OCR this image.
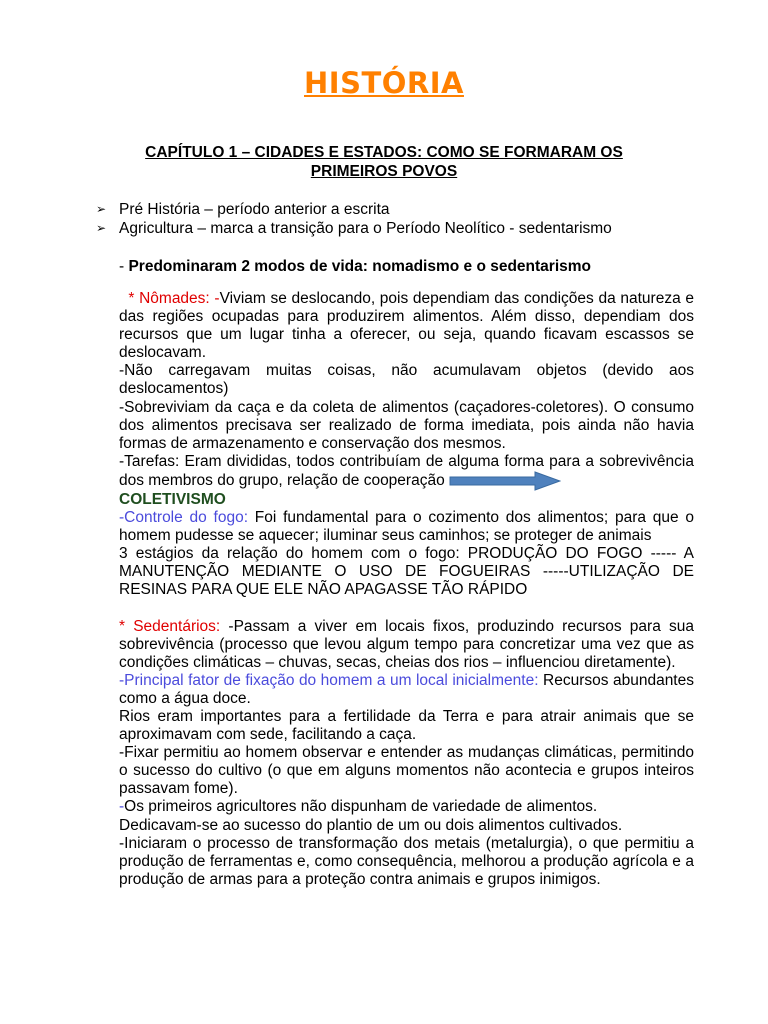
HISTÓRIA
CAPÍTULO 1 – CIDADES E ESTADOS: COMO SE FORMARAM OS
PRIMEIROS POVOS
➢ Pré História – período anterior a escrita
➢ Agricultura – marca a transição para o Período Neolítico - sedentarismo

- Predominaram 2 modos de vida: nomadismo e o sedentarismo

* Nômades: -Viviam se deslocando, pois dependiam das condições da natureza e das regiões ocupadas para produzirem alimentos. Além disso, dependiam dos recursos que um lugar tinha a oferecer, ou seja, quando ficavam escassos se deslocavam.

-Não carregavam muitas coisas, não acumulavam objetos (devido aos deslocamentos)

-Sobreviviam da caça e da coleta de alimentos (caçadores-coletores). O consumo dos alimentos precisava ser realizado de forma imediata, pois ainda não havia formas de armazenamento e conservação dos mesmos.

-Tarefas: Eram divididas, todos contribuíam de alguma forma para a sobrevivência dos membros do grupo, relação de cooperação

COLETIVISMO

-Controle do fogo: Foi fundamental para o cozimento dos alimentos; para que o homem pudesse se aquecer; iluminar seus caminhos; se proteger de animais

3 estágios da relação do homem com o fogo: PRODUÇÃO DO FOGO ----- A MANUTENÇÃO MEDIANTE O USO DE FOGUEIRAS -----UTILIZAÇÃO DE RESINAS PARA QUE ELE NÃO APAGASSE TÃO RÁPIDO

* Sedentários: -Passam a viver em locais fixos, produzindo recursos para sua sobrevivência (processo que levou algum tempo para concretizar uma vez que as condições climáticas – chuvas, secas, cheias dos rios – influenciou diretamente).

-Principal fator de fixação do homem a um local inicialmente: Recursos abundantes como a água doce.

Rios eram importantes para a fertilidade da Terra e para atrair animais que se aproximavam com sede, facilitando a caça.

-Fixar permitiu ao homem observar e entender as mudanças climáticas, permitindo o sucesso do cultivo (o que em alguns momentos não acontecia e grupos inteiros passavam fome).

-Os primeiros agricultores não dispunham de variedade de alimentos.

Dedicavam-se ao sucesso do plantio de um ou dois alimentos cultivados.

-Iniciaram o processo de transformação dos metais (metalurgia), o que permitiu a produção de ferramentas e, como consequência, melhorou a produção agrícola e a produção de armas para a proteção contra animais e grupos inimigos.
